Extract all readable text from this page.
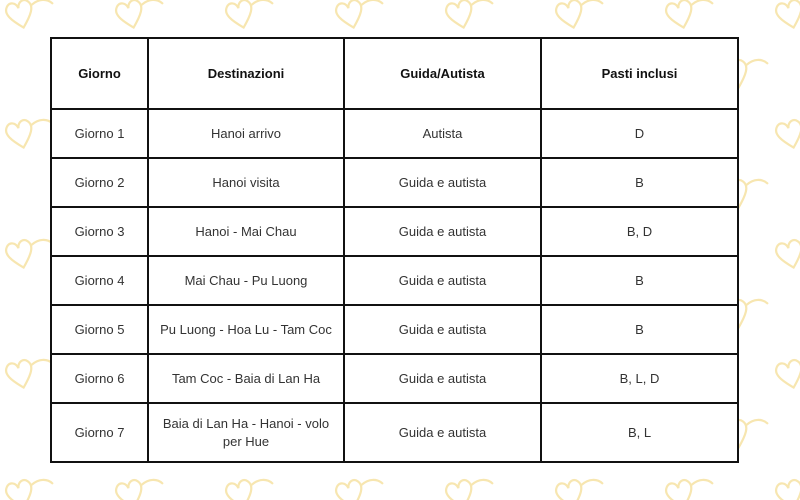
Giorno	Destinazioni	Guida/Autista	Pasti inclusi
Giorno 1	Hanoi arrivo	Autista	D
Giorno 2	Hanoi visita	Guida e autista	B
Giorno 3	Hanoi - Mai Chau	Guida e autista	B, D
Giorno 4	Mai Chau - Pu Luong	Guida e autista	B
Giorno 5	Pu Luong - Hoa Lu - Tam Coc	Guida e autista	B
Giorno 6	Tam Coc - Baia di Lan Ha	Guida e autista	B, L, D
Giorno 7	Baia di Lan Ha - Hanoi - volo per Hue	Guida e autista	B, L
